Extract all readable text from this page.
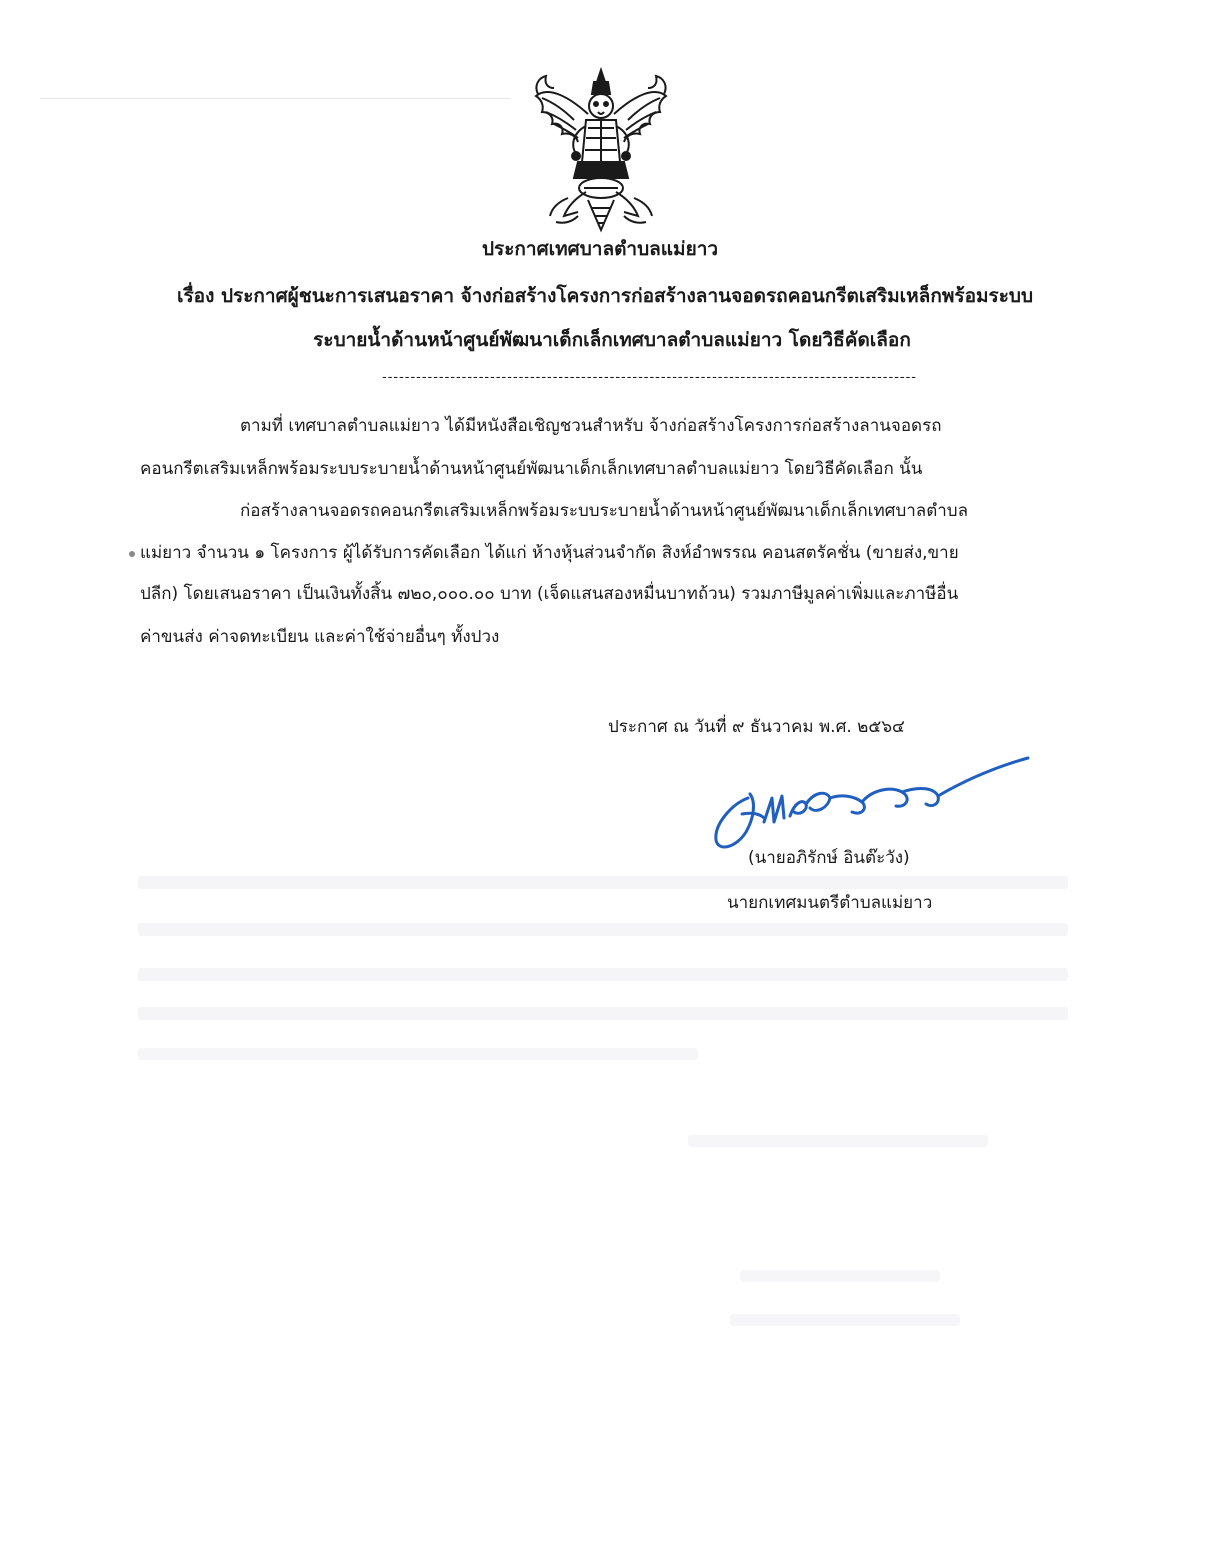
ประกาศเทศบาลตำบลแม่ยาว
เรื่อง ประกาศผู้ชนะการเสนอราคา จ้างก่อสร้างโครงการก่อสร้างลานจอดรถคอนกรีตเสริมเหล็กพร้อมระบบ
ระบายน้ำด้านหน้าศูนย์พัฒนาเด็กเล็กเทศบาลตำบลแม่ยาว โดยวิธีคัดเลือก
----------------------------------------------------------------------------------------------
ตามที่ เทศบาลตำบลแม่ยาว ได้มีหนังสือเชิญชวนสำหรับ จ้างก่อสร้างโครงการก่อสร้างลานจอดรถ
คอนกรีตเสริมเหล็กพร้อมระบบระบายน้ำด้านหน้าศูนย์พัฒนาเด็กเล็กเทศบาลตำบลแม่ยาว โดยวิธีคัดเลือก นั้น
ก่อสร้างลานจอดรถคอนกรีตเสริมเหล็กพร้อมระบบระบายน้ำด้านหน้าศูนย์พัฒนาเด็กเล็กเทศบาลตำบล
แม่ยาว จำนวน ๑ โครงการ ผู้ได้รับการคัดเลือก ได้แก่ ห้างหุ้นส่วนจำกัด สิงห์อำพรรณ คอนสตรัคชั่น (ขายส่ง,ขาย
ปลีก) โดยเสนอราคา เป็นเงินทั้งสิ้น ๗๒๐,๐๐๐.๐๐ บาท (เจ็ดแสนสองหมื่นบาทถ้วน) รวมภาษีมูลค่าเพิ่มและภาษีอื่น
ค่าขนส่ง ค่าจดทะเบียน และค่าใช้จ่ายอื่นๆ ทั้งปวง
ประกาศ ณ วันที่ ๙ ธันวาคม พ.ศ. ๒๕๖๔
(นายอภิรักษ์ อินต๊ะวัง)
นายกเทศมนตรีตำบลแม่ยาว
